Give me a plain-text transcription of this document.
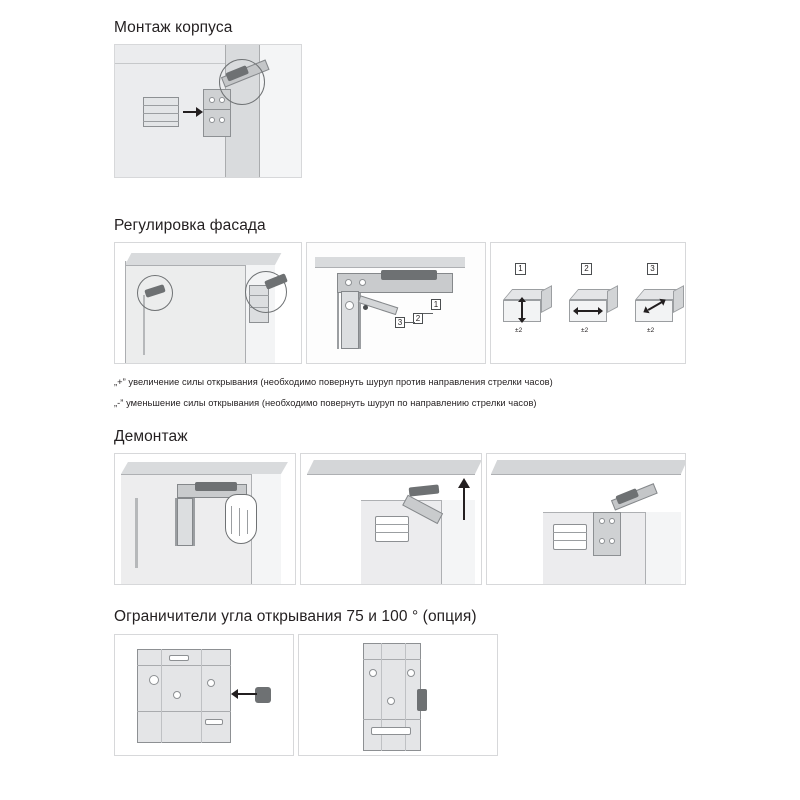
Монтаж корпуса
Регулировка фасада
1
2
3
1
±2
2
±2
3
±2
„+” увеличение силы открывания (необходимо повернуть шуруп против направления стрелки часов)
„-” уменьшение силы открывания (необходимо повернуть шуруп по направлению стрелки часов)
Демонтаж
Ограничители угла открывания 75 и 100 ° (опция)
